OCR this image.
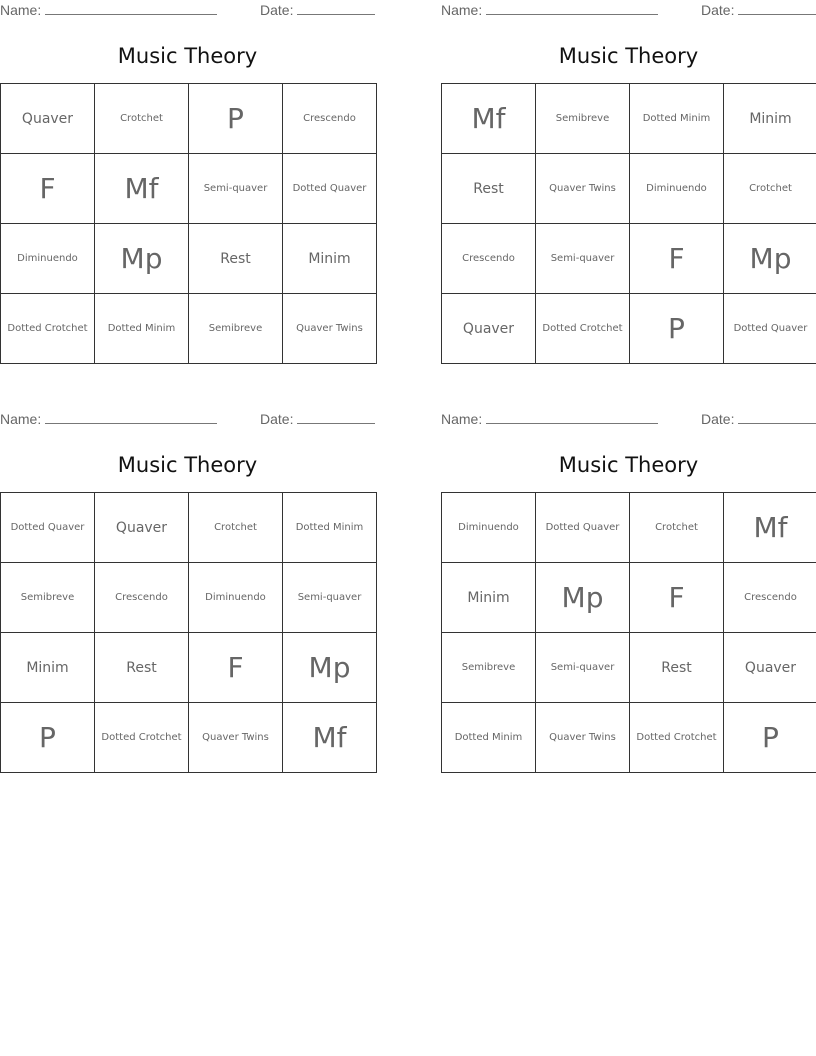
Name:	Date:
Music Theory
Quaver	Crotchet	P	Crescendo
F	Mf	Semi-quaver	Dotted Quaver
Diminuendo	Mp	Rest	Minim
Dotted Crotchet	Dotted Minim	Semibreve	Quaver Twins
Name:	Date:
Music Theory
Mf	Semibreve	Dotted Minim	Minim
Rest	Quaver Twins	Diminuendo	Crotchet
Crescendo	Semi-quaver	F	Mp
Quaver	Dotted Crotchet	P	Dotted Quaver
Name:	Date:
Music Theory
Dotted Quaver	Quaver	Crotchet	Dotted Minim
Semibreve	Crescendo	Diminuendo	Semi-quaver
Minim	Rest	F	Mp
P	Dotted Crotchet	Quaver Twins	Mf
Name:	Date:
Music Theory
Diminuendo	Dotted Quaver	Crotchet	Mf
Minim	Mp	F	Crescendo
Semibreve	Semi-quaver	Rest	Quaver
Dotted Minim	Quaver Twins	Dotted Crotchet	P
